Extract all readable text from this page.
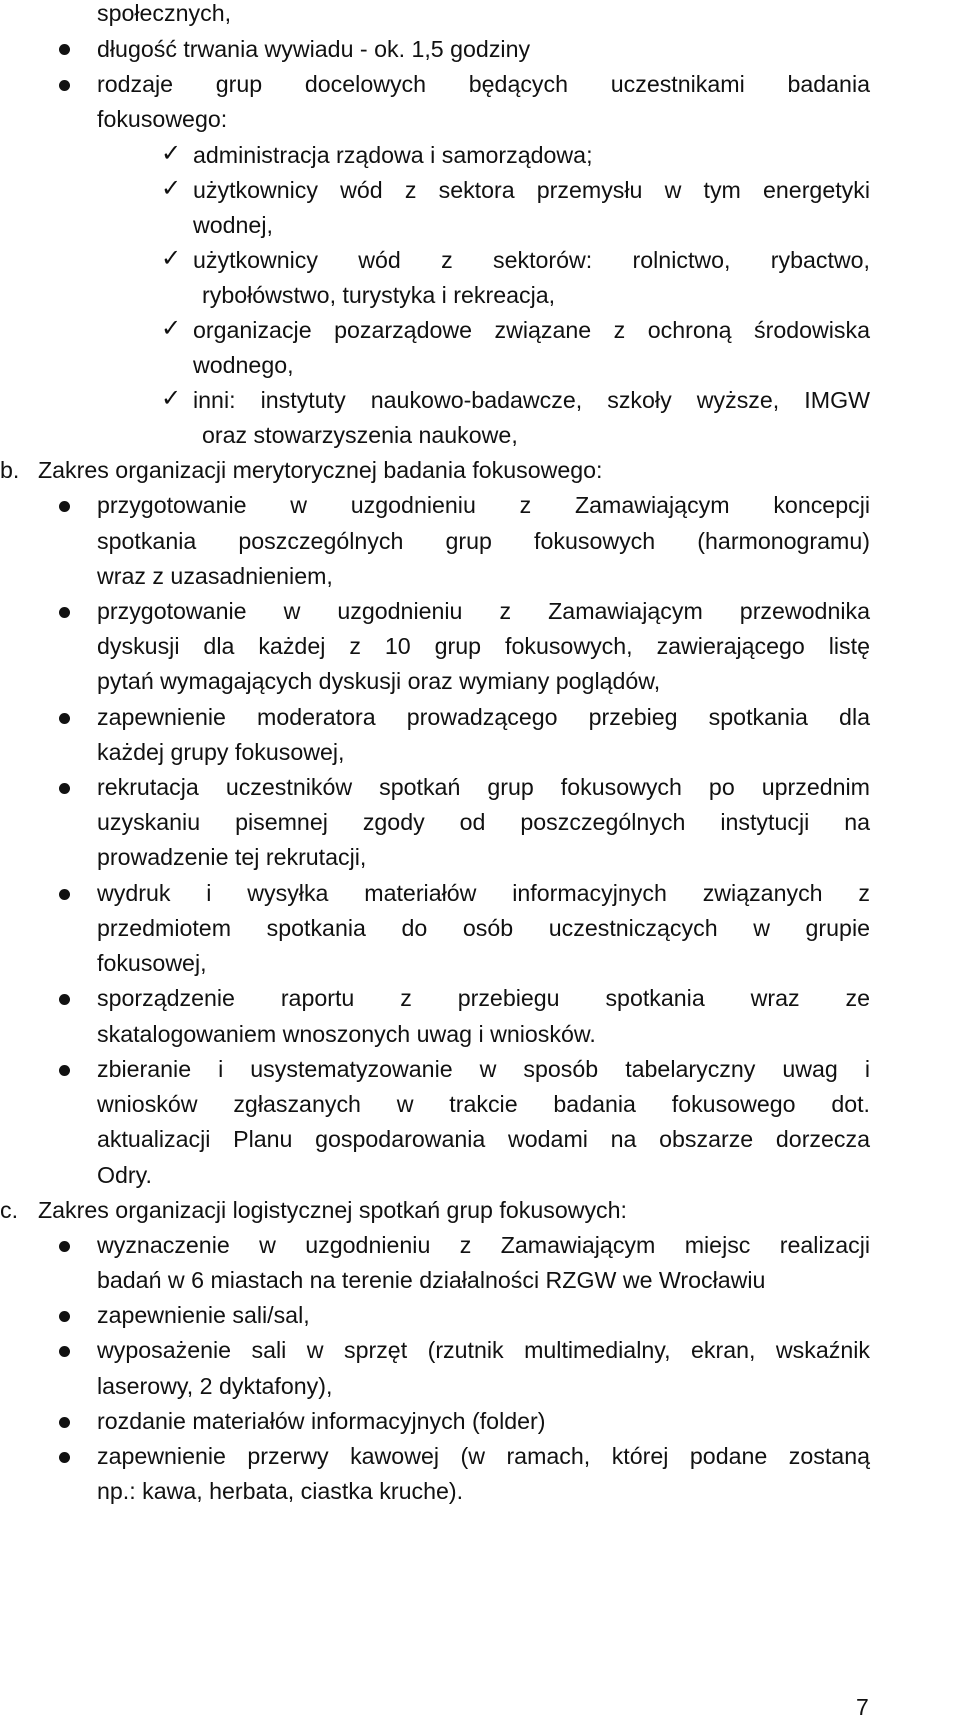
społecznych,
długość trwania wywiadu - ok. 1,5 godziny
rodzaje grup docelowych będących uczestnikami badania
fokusowego:
✓ administracja rządowa i samorządowa;
✓ użytkownicy wód z sektora przemysłu w tym energetyki
wodnej,
✓ użytkownicy wód z sektorów: rolnictwo, rybactwo,
rybołówstwo, turystyka i rekreacja,
✓ organizacje pozarządowe związane z ochroną środowiska
wodnego,
✓ inni: instytuty naukowo-badawcze, szkoły wyższe, IMGW
oraz stowarzyszenia naukowe,
b. Zakres organizacji merytorycznej badania fokusowego:
przygotowanie w uzgodnieniu z Zamawiającym koncepcji
spotkania poszczególnych grup fokusowych (harmonogramu)
wraz z uzasadnieniem,
przygotowanie w uzgodnieniu z Zamawiającym przewodnika
dyskusji dla każdej z 10 grup fokusowych, zawierającego listę
pytań wymagających dyskusji oraz wymiany poglądów,
zapewnienie moderatora prowadzącego przebieg spotkania dla
każdej grupy fokusowej,
rekrutacja uczestników spotkań grup fokusowych po uprzednim
uzyskaniu pisemnej zgody od poszczególnych instytucji na
prowadzenie tej rekrutacji,
wydruk i wysyłka materiałów informacyjnych związanych z
przedmiotem spotkania do osób uczestniczących w grupie
fokusowej,
sporządzenie raportu z przebiegu spotkania wraz ze
skatalogowaniem wnoszonych uwag i wniosków.
zbieranie i usystematyzowanie w sposób tabelaryczny uwag i
wniosków zgłaszanych w trakcie badania fokusowego dot.
aktualizacji Planu gospodarowania wodami na obszarze dorzecza
Odry.
c. Zakres organizacji logistycznej spotkań grup fokusowych:
wyznaczenie w uzgodnieniu z Zamawiającym miejsc realizacji
badań w 6 miastach na terenie działalności RZGW we Wrocławiu
zapewnienie sali/sal,
wyposażenie sali w sprzęt (rzutnik multimedialny, ekran, wskaźnik
laserowy, 2 dyktafony),
rozdanie materiałów informacyjnych (folder)
zapewnienie przerwy kawowej (w ramach, której podane zostaną
np.: kawa, herbata, ciastka kruche).
7
